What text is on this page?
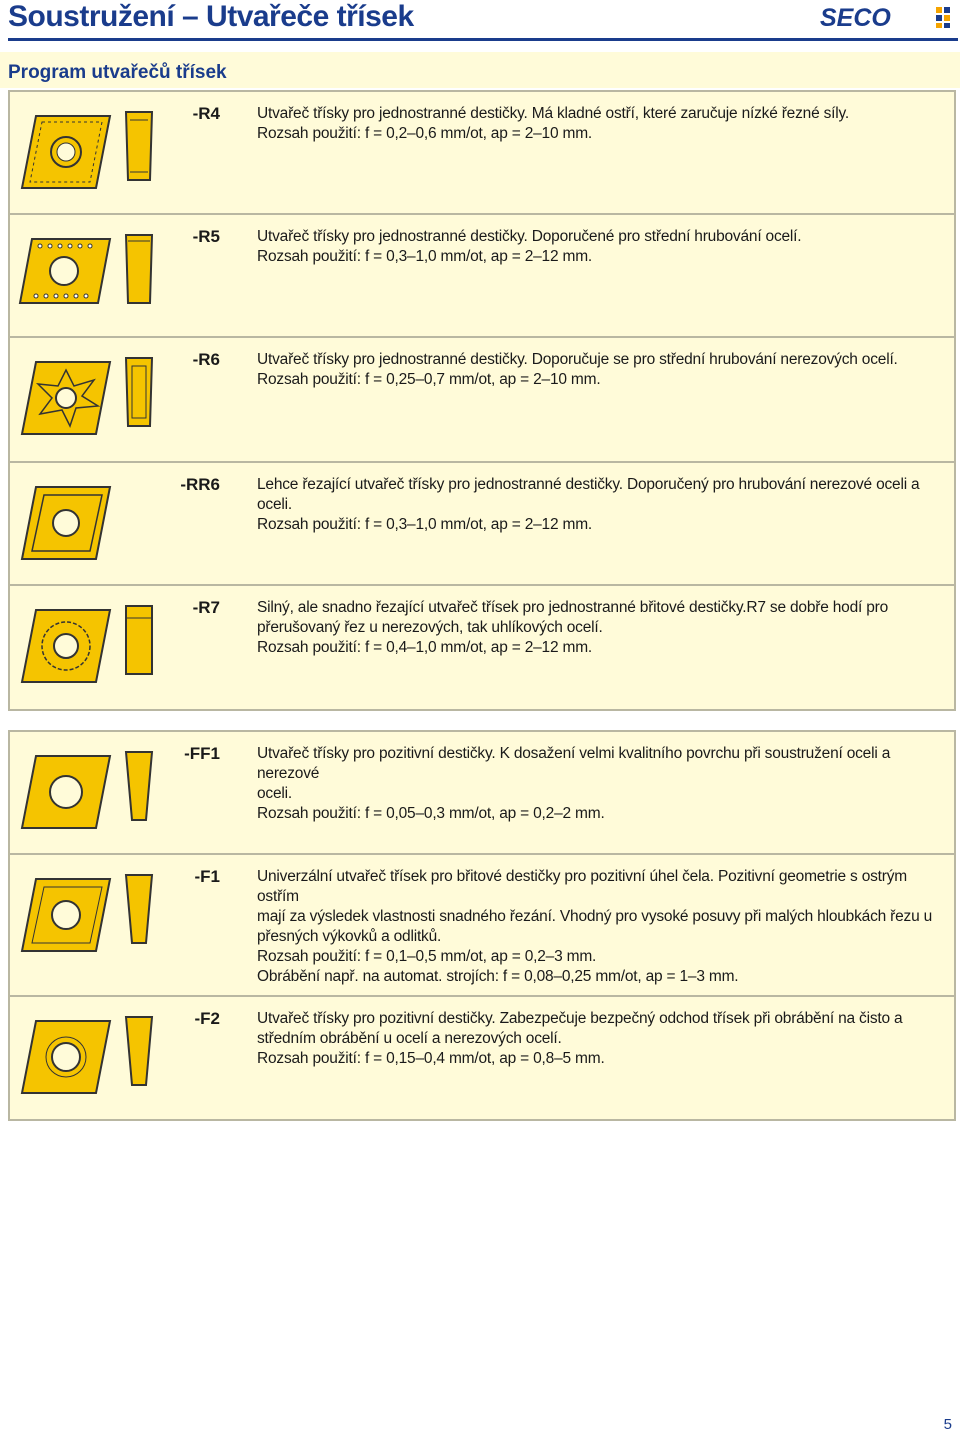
Soustružení – Utvařeče třísek	SECO
Program utvařečů třísek
-R4 Utvařeč třísky pro jednostranné destičky. Má kladné ostří, které zaručuje nízké řezné síly.

Rozsah použití: f = 0,2–0,6 mm/ot, ap = 2–10 mm.

-R5 Utvařeč třísky pro jednostranné destičky. Doporučené pro střední hrubování ocelí.

Rozsah použití: f = 0,3–1,0 mm/ot, ap = 2–12 mm.

-R6 Utvařeč třísky pro jednostranné destičky. Doporučuje se pro střední hrubování nerezových ocelí.

Rozsah použití: f = 0,25–0,7 mm/ot, ap = 2–10 mm.

-RR6 Lehce řezající utvařeč třísky pro jednostranné destičky. Doporučený pro hrubování nerezové oceli a oceli.

Rozsah použití: f = 0,3–1,0 mm/ot, ap = 2–12 mm.

-R7 Silný, ale snadno řezající utvařeč třísek pro jednostranné břitové destičky.R7 se dobře hodí pro

přerušovaný řez u nerezových, tak uhlíkových ocelí.

Rozsah použití: f = 0,4–1,0 mm/ot, ap = 2–12 mm.

-FF1 Utvařeč třísky pro pozitivní destičky. K dosažení velmi kvalitního povrchu při soustružení oceli a nerezové

oceli.

Rozsah použití: f = 0,05–0,3 mm/ot, ap = 0,2–2 mm.

-F1 Univerzální utvařeč třísek pro břitové destičky pro pozitivní úhel čela. Pozitivní geometrie s ostrým ostřím

mají za výsledek vlastnosti snadného řezání. Vhodný pro vysoké posuvy při malých hloubkách řezu u

přesných výkovků a odlitků.

Rozsah použití: f = 0,1–0,5 mm/ot, ap = 0,2–3 mm.

Obrábění např. na automat. strojích: f = 0,08–0,25 mm/ot, ap = 1–3 mm.

-F2 Utvařeč třísky pro pozitivní destičky. Zabezpečuje bezpečný odchod třísek při obrábění na čisto a

středním obrábění u ocelí a nerezových ocelí.

Rozsah použití: f = 0,15–0,4 mm/ot, ap = 0,8–5 mm.

5
